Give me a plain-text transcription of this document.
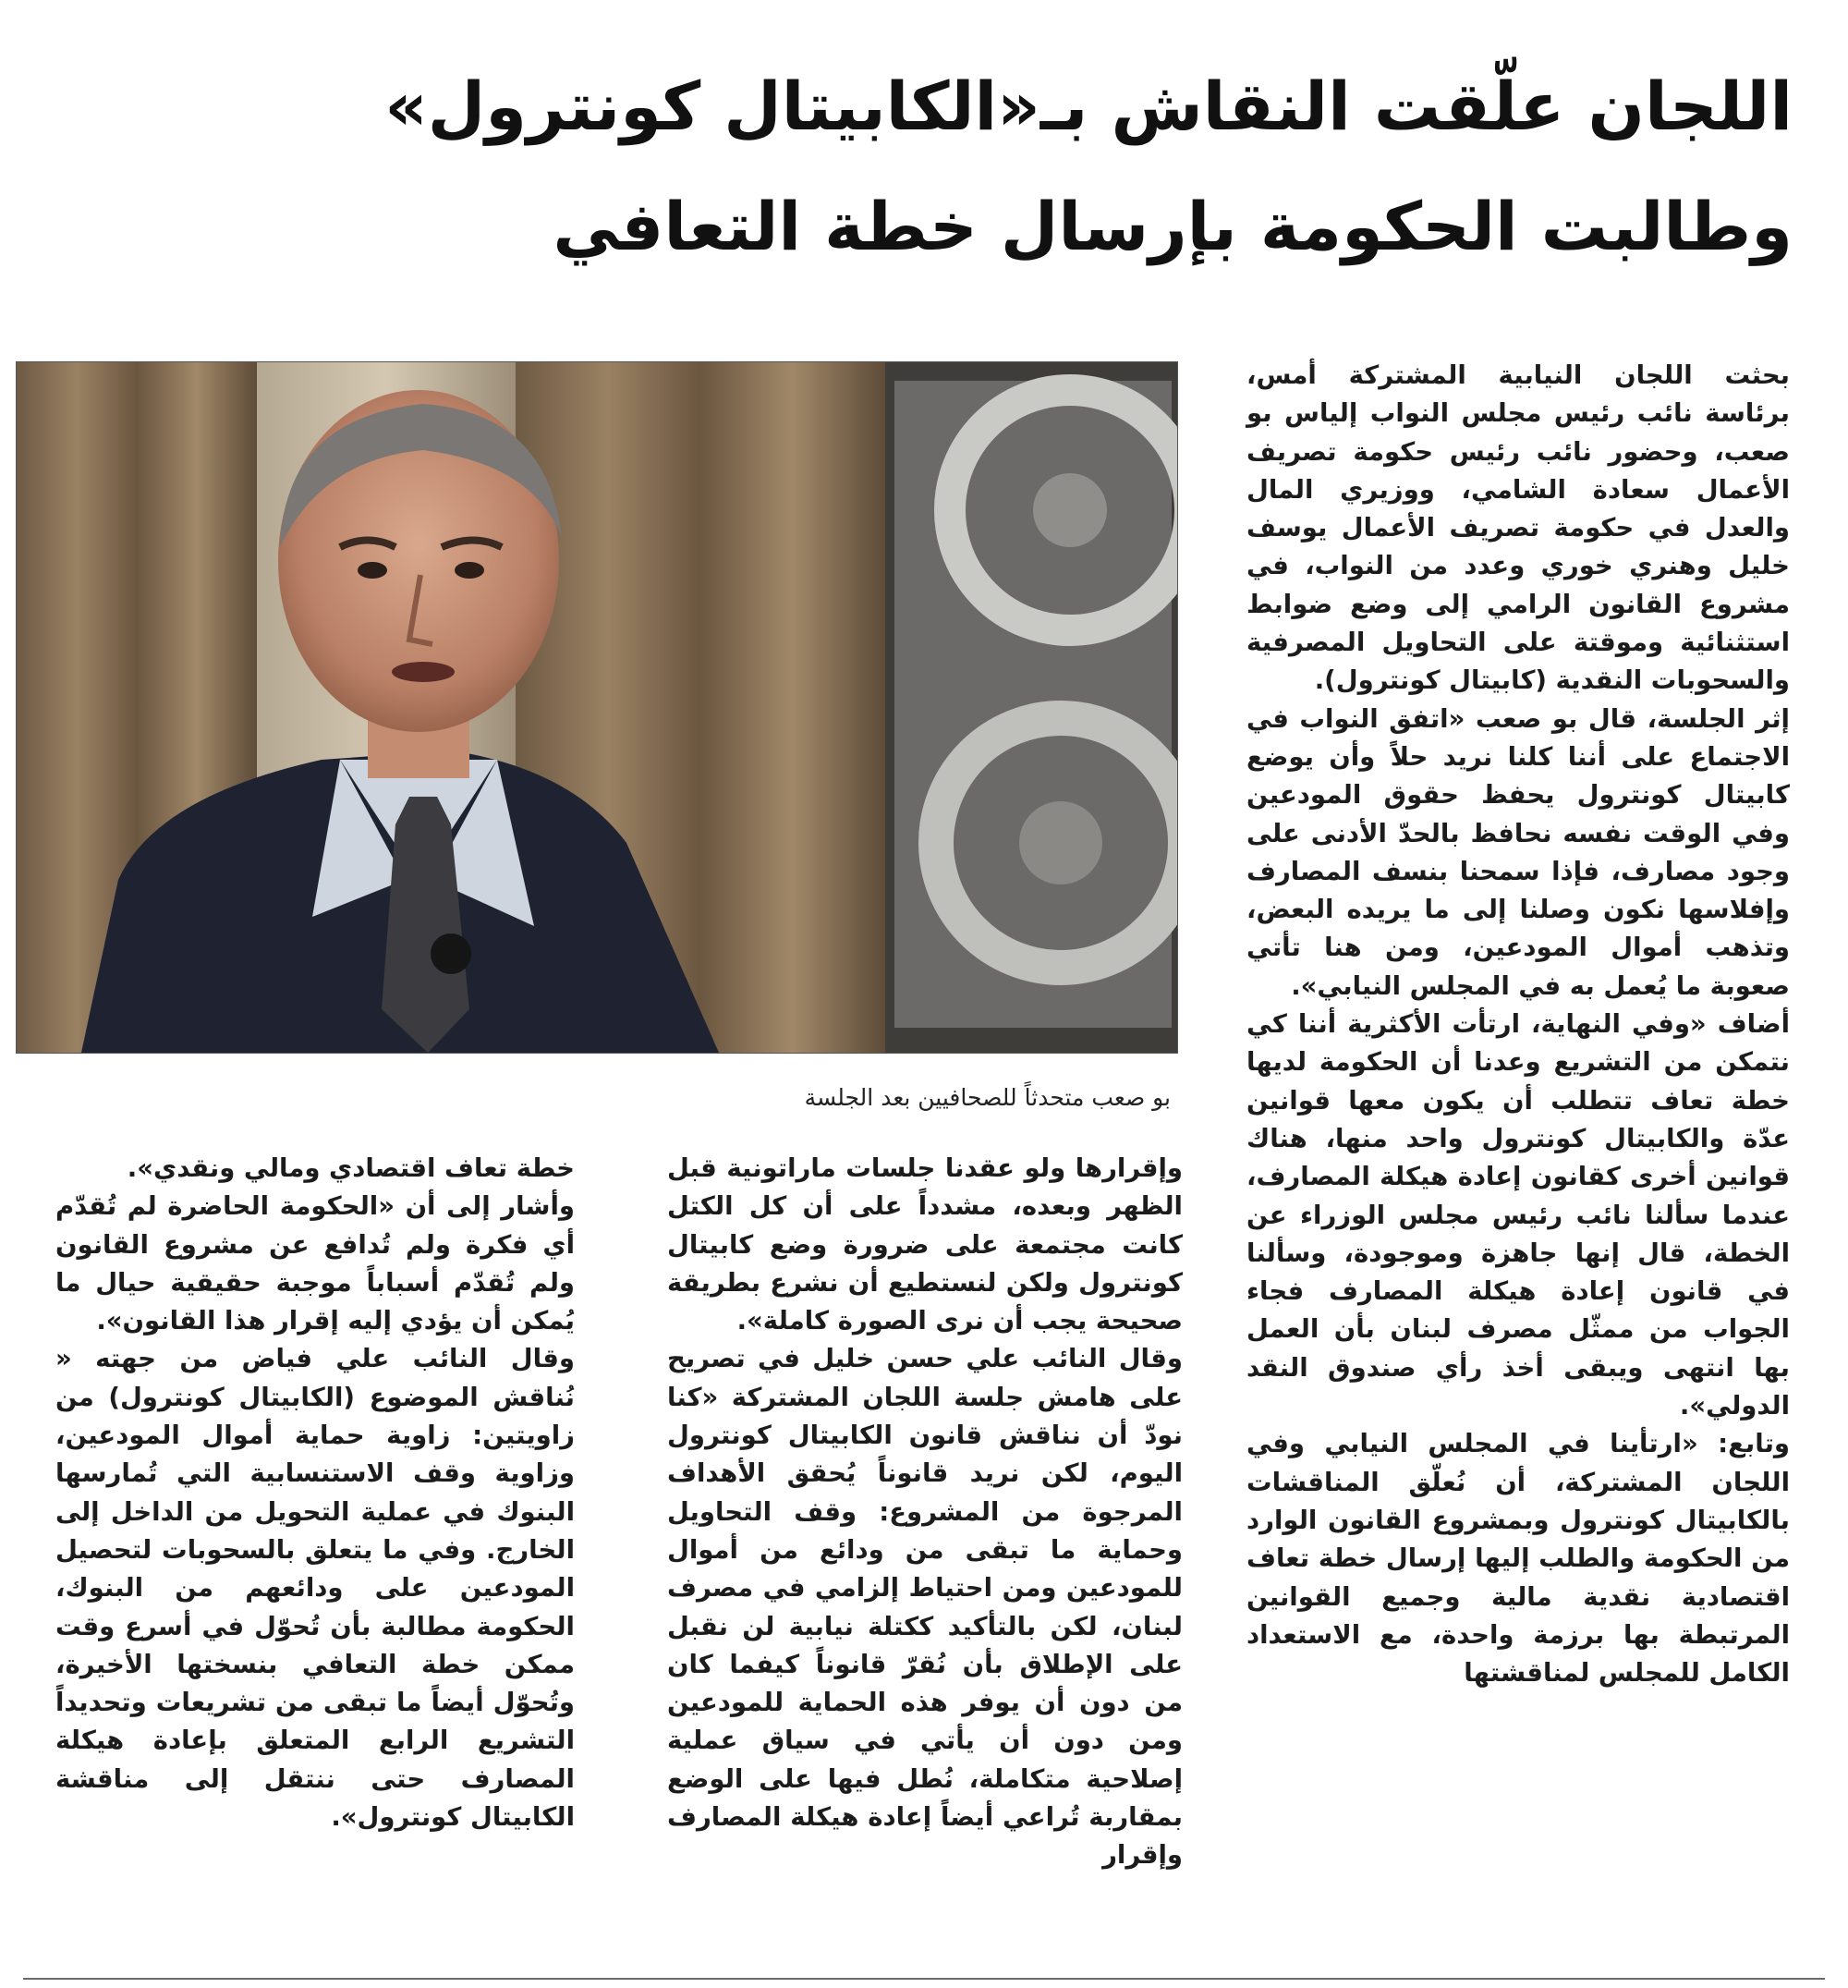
اللجان علّقت النقاش بـ«الكابيتال كونترول»
وطالبت الحكومة بإرسال خطة التعافي

بحثت اللجان النيابية المشتركة أمس، برئاسة نائب رئيس مجلس النواب إلياس بو صعب، وحضور نائب رئيس حكومة تصريف الأعمال سعادة الشامي، ووزيري المال والعدل في حكومة تصريف الأعمال يوسف خليل وهنري خوري وعدد من النواب، في مشروع القانون الرامي إلى وضع ضوابط استثنائية وموقتة على التحاويل المصرفية والسحوبات النقدية (كابيتال كونترول).

إثر الجلسة، قال بو صعب «اتفق النواب في الاجتماع على أننا كلنا نريد حلاً وأن يوضع كابيتال كونترول يحفظ حقوق المودعين وفي الوقت نفسه نحافظ بالحدّ الأدنى على وجود مصارف، فإذا سمحنا بنسف المصارف وإفلاسها نكون وصلنا إلى ما يريده البعض، وتذهب أموال المودعين، ومن هنا تأتي صعوبة ما يُعمل به في المجلس النيابي».

أضاف «وفي النهاية، ارتأت الأكثرية أننا كي نتمكن من التشريع وعدنا أن الحكومة لديها خطة تعاف تتطلب أن يكون معها قوانين عدّة والكابيتال كونترول واحد منها، هناك قوانين أخرى كقانون إعادة هيكلة المصارف، عندما سألنا نائب رئيس مجلس الوزراء عن الخطة، قال إنها جاهزة وموجودة، وسألنا في قانون إعادة هيكلة المصارف فجاء الجواب من ممثّل مصرف لبنان بأن العمل بها انتهى ويبقى أخذ رأي صندوق النقد الدولي».

وتابع: «ارتأينا في المجلس النيابي وفي اللجان المشتركة، أن نُعلّق المناقشات بالكابيتال كونترول وبمشروع القانون الوارد من الحكومة والطلب إليها إرسال خطة تعاف اقتصادية نقدية مالية وجميع القوانين المرتبطة بها برزمة واحدة، مع الاستعداد الكامل للمجلس لمناقشتها

بو صعب متحدثاً للصحافيين بعد الجلسة

وإقرارها ولو عقدنا جلسات ماراتونية قبل الظهر وبعده، مشدداً على أن كل الكتل كانت مجتمعة على ضرورة وضع كابيتال كونترول ولكن لنستطيع أن نشرع بطريقة صحيحة يجب أن نرى الصورة كاملة».

وقال النائب علي حسن خليل في تصريح على هامش جلسة اللجان المشتركة «كنا نودّ أن نناقش قانون الكابيتال كونترول اليوم، لكن نريد قانوناً يُحقق الأهداف المرجوة من المشروع: وقف التحاويل وحماية ما تبقى من ودائع من أموال للمودعين ومن احتياط إلزامي في مصرف لبنان، لكن بالتأكيد ككتلة نيابية لن نقبل على الإطلاق بأن نُقرّ قانوناً كيفما كان من دون أن يوفر هذه الحماية للمودعين ومن دون أن يأتي في سياق عملية إصلاحية متكاملة، نُطل فيها على الوضع بمقاربة تُراعي أيضاً إعادة هيكلة المصارف وإقرار

خطة تعاف اقتصادي ومالي ونقدي».

وأشار إلى أن «الحكومة الحاضرة لم تُقدّم أي فكرة ولم تُدافع عن مشروع القانون ولم تُقدّم أسباباً موجبة حقيقية حيال ما يُمكن أن يؤدي إليه إقرار هذا القانون».

وقال النائب علي فياض من جهته « نُناقش الموضوع (الكابيتال كونترول) من زاويتين: زاوية حماية أموال المودعين، وزاوية وقف الاستنسابية التي تُمارسها البنوك في عملية التحويل من الداخل إلى الخارج. وفي ما يتعلق بالسحوبات لتحصيل المودعين على ودائعهم من البنوك، الحكومة مطالبة بأن تُحوّل في أسرع وقت ممكن خطة التعافي بنسختها الأخيرة، وتُحوّل أيضاً ما تبقى من تشريعات وتحديداً التشريع الرابع المتعلق بإعادة هيكلة المصارف حتى ننتقل إلى مناقشة الكابيتال كونترول».
